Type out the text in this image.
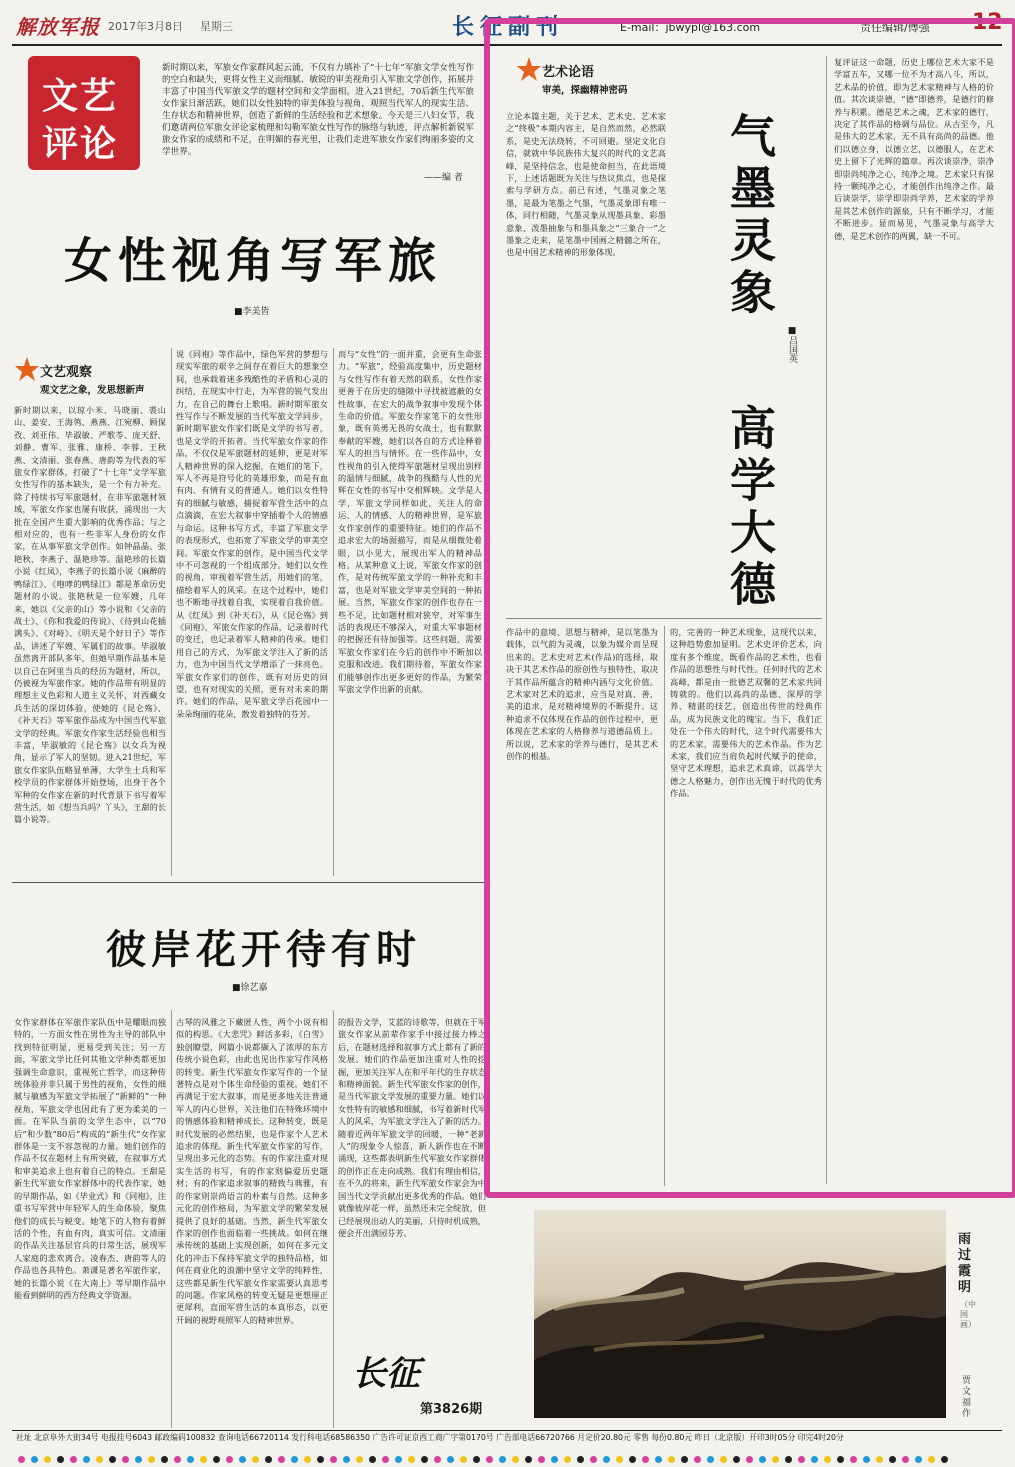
解放军报 2017年3月8日 星期三	长征副刊	E-mail：jbwypl@163.com	责任编辑/傅强 12
文艺
评论
新时期以来，军旅女作家群风起云涌，不仅有力填补了“十七年”军旅文学女性写作的空白和缺失，更将女性主义而细腻、敏锐的审美视角引入军旅文学创作，拓展并丰富了中国当代军旅文学的题材空间和文学面相。进入21世纪，70后新生代军旅女作家日渐活跃，她们以女性独特的审美体验与视角，观照当代军人的现实生活、生存状态和精神世界，创造了新鲜的生活经验和艺术想象。今天是三八妇女节，我们邀请两位军旅女评论家梳理和勾勒军旅女性写作的脉络与轨迹，评点解析新锐军旅女作家的成绩和不足，在明媚的春光里，让我们走进军旅女作家们绚丽多姿的文学世界。
——编 者
女性视角写军旅
■李美皆
文艺观察
观文艺之象，发思想新声
新时期以来，以琼小米、马晓丽、裘山山、姜安、王海鸰、燕燕、江宛柳、顾保孜、刘亚伟、毕淑敏、严歌苓、庞天舒、刘静、曹军、张雅、康桥、李蓉、王秋燕、文清丽、张春燕、唐韵等为代表的军旅女作家群体，打破了“十七年”文学军旅女性写作的基本缺失，是一个有力补充。除了持续书写军旅题材，在非军旅题材领域，军旅女作家也屡有收获，涌现出一大批在全国产生重大影响的优秀作品；与之相对应的，也有一些非军人身份的女作家，在从事军旅文学创作。如钟晶晶、张艳秋、李燕子、温艳珍等。温艳珍的长篇小说《红凤》，李燕子的长篇小说《麻醉的鸭绿江》、《咆哮的鸭绿江》都是革命历史题材的小说。张艳秋是一位军嫂，几年来，她以《父亲的山》等小说和《父亲的战士》、《你和我爱的传说》、《待到山花插满头》、《对峙》、《明天是个好日子》等作品，讲述了军嫂、军属们的故事。毕淑敏虽然离开部队多年，但她早期作品基本是以自己在阿里当兵的经历为题材，所以，仍被视为军旅作家。她的作品带有明显的理想主义色彩和人道主义关怀，对西藏女兵生活的深切体验，使她的《昆仑殇》、《补天石》等军旅作品成为中国当代军旅文学的经典。军旅女作家生活经验也相当丰富，毕淑敏的《昆仑殇》以女兵为视角，显示了军人的坚韧。进入21世纪，军旅女作家队伍略显单薄，大学生士兵和军校学员的作家群体开始登场，出身于各个军种的女作家在新的时代背景下书写着军营生活，如《想当兵吗？丫头》，王甜的长篇小说等。
说《同袍》等作品中，绿色军营的梦想与现实军旅的艰辛之间存在着巨大的想象空间，也承载着迷多残酷性的矛盾和心灵的纠结，在现实中行走，为军营的锐气发出力，在自己的舞台上歌唱。新时期军旅女性写作与不断发展的当代军旅文学同步，新时期军旅女作家们既是文学的书写者，也是文学的开拓者。当代军旅女作家的作品，不仅仅是军旅题材的延伸，更是对军人精神世界的深入挖掘，在她们的笔下，军人不再是符号化的英雄形象，而是有血有肉、有情有义的普通人。她们以女性特有的细腻与敏感，捕捉着军营生活中的点点滴滴，在宏大叙事中穿插着个人的情感与命运。这种书写方式，丰富了军旅文学的表现形式，也拓宽了军旅文学的审美空间。军旅女作家的创作，是中国当代文学中不可忽视的一个组成部分。她们以女性的视角，审视着军营生活，用她们的笔，描绘着军人的风采。在这个过程中，她们也不断地寻找着自我，实现着自我价值。从《红凤》到《补天石》，从《昆仑殇》到《同袍》，军旅女作家的作品，记录着时代的变迁，也记录着军人精神的传承。她们用自己的方式，为军旅文学注入了新的活力，也为中国当代文学增添了一抹亮色。军旅女作家们的创作，既有对历史的回望，也有对现实的关照，更有对未来的期许。她们的作品，是军旅文学百花园中一朵朵绚丽的花朵，散发着独特的芬芳。
而与“女性”的一面并重，会更有生命张力。“军旅”，经验高度集中，历史题材与女性写作有着天然的联系，女性作家更善于在历史的缝隙中寻找被遮蔽的女性故事，在宏大的战争叙事中发现个体生命的价值。军旅女作家笔下的女性形象，既有英勇无畏的女战士，也有默默奉献的军嫂，她们以各自的方式诠释着军人的担当与情怀。在一些作品中，女性视角的引入使得军旅题材呈现出别样的温情与细腻，战争的残酷与人性的光辉在女性的书写中交相辉映。文学是人学，军旅文学同样如此，关注人的命运、人的情感、人的精神世界，是军旅女作家创作的重要特征。她们的作品不追求宏大的场面描写，而是从细微处着眼，以小见大，展现出军人的精神品格。从某种意义上说，军旅女作家的创作，是对传统军旅文学的一种补充和丰富，也是对军旅文学审美空间的一种拓展。当然，军旅女作家的创作也存在一些不足，比如题材相对狭窄，对军事生活的表现还不够深入，对重大军事题材的把握还有待加强等。这些问题，需要军旅女作家们在今后的创作中不断加以克服和改进。我们期待着，军旅女作家们能够创作出更多更好的作品，为繁荣军旅文学作出新的贡献。
彼岸花开待有时
■徐艺嘉
女作家群体在军旅作家队伍中是耀眼而独特的，一方面女性在男性为主导的部队中找到特征明显，更易受到关注；另一方面，军旅文学比任何其他文学种类都更加强调生命意识，重视死亡哲学，而这种传统体验并非只属于男性的视角，女性的细腻与敏感为军旅文学拓展了“新鲜的”一种视角，军旅文学也因此有了更为柔美的一面。在军队当前的文学生态中，以“70后”和少数“80后”构成的“新生代”女作家群体是一支不容忽视的力量。她们创作的作品不仅在题材上有所突破，在叙事方式和审美追求上也有着自己的特点。王甜是新生代军旅女作家群体中的代表作家，她的早期作品，如《毕业式》和《同袍》，注重书写军营中年轻军人的生命体验，聚焦他们的成长与蜕变。她笔下的人物有着鲜活的个性，有血有肉，真实可信。文清丽的作品关注基层官兵的日常生活，展现军人家庭的悲欢离合。凌春杰、唐韵等人的作品也各具特色。萧潇是著名军旅作家，她的长篇小说《在大南上》等早期作品中能看到鲜明的西方经典文学资源。
古琴的风雅之下藏匿人性，两个小说有相似的构思。《大悲咒》鲜活多彩，《白雪》独创瞭望，网篇小说都撷入了浓厚的东方传统小说色彩，由此也见出作家写作风格的转变。新生代军旅女作家写作的一个显著特点是对个体生命经验的重视。她们不再满足于宏大叙事，而是更多地关注普通军人的内心世界，关注他们在特殊环境中的情感体验和精神成长。这种转变，既是时代发展的必然结果，也是作家个人艺术追求的体现。新生代军旅女作家的写作，呈现出多元化的态势。有的作家注重对现实生活的书写，有的作家则偏爱历史题材；有的作家追求叙事的精致与典雅，有的作家则崇尚语言的朴素与自然。这种多元化的创作格局，为军旅文学的繁荣发展提供了良好的基础。当然，新生代军旅女作家的创作也面临着一些挑战。如何在继承传统的基础上实现创新，如何在多元文化的冲击下保持军旅文学的独特品格，如何在商业化的浪潮中坚守文学的纯粹性，这些都是新生代军旅女作家需要认真思考的问题。作家风格的转变无疑是更想厘正更犀利，直面军营生活的本真形态，以更开阔的视野观照军人的精神世界。
的报告文学，艾蓝的诗歌等，但就在于军旅女作家从前辈作家手中接过接力棒之后，在题材选择和叙事方式上都有了新的发展。她们的作品更加注重对人性的挖掘，更加关注军人在和平年代的生存状态和精神面貌。新生代军旅女作家的创作，是当代军旅文学发展的重要力量。她们以女性特有的敏感和细腻，书写着新时代军人的风采，为军旅文学注入了新的活力。随着近两年军旅文学的回暖，一种“老新人”的现象令人惊喜，新人新作也在不断涌现，这些都表明新生代军旅女作家群体的创作正在走向成熟。我们有理由相信，在不久的将来，新生代军旅女作家会为中国当代文学贡献出更多优秀的作品。她们就像彼岸花一样，虽然还未完全绽放，但已经展现出动人的美丽，只待时机成熟，便会开出满园芬芳。	雨过霞明
（中国画）
贾文福 作
长征
第3826期
艺术论语
审美，探幽精神密码
立论本篇主题，关于艺术、艺术史、艺术家之“终极”本期内容主，是自然而然，必然联系，是史无法绕转，不可回避。坚定文化自信，就就中华民族伟大复兴的时代的文艺高峰，是坚持信念，也是使命担当，在此语境下，上述话题既为关注与热议焦点，也是探索与学研方点。前已有述，气墨灵象之笔墨，是最为笔墨之气墨，气墨灵象即有唯一体，同行相随，气墨灵象从现墨具象、彩墨意象、泼墨抽象与和墨具象之“三象合一”之墨象之走来，是笔墨中国画之精髓之所在，也是中国艺术精神的形象体现。	气墨灵象
高学大德
■吕国英
复评证这一命题，历史上哪位艺术大家不是学富五车，又哪一位不为才高八斗，所以，艺术品的价值，即为艺术家精神与人格的价值。其次谈崇德，“德”即德养，是德行的修养与积累。德是艺术之魂，艺术家的德行，决定了其作品的格调与品位。从古至今，凡是伟大的艺术家，无不具有高尚的品德。他们以德立身，以德立艺，以德服人，在艺术史上留下了光辉的篇章。再次谈崇净，崇净即崇尚纯净之心，纯净之境。艺术家只有保持一颗纯净之心，才能创作出纯净之作。最后谈崇学，崇学即崇尚学养，艺术家的学养是其艺术创作的源泉，只有不断学习，才能不断进步。显而易见，气墨灵象与高学大德，是艺术创作的两翼，缺一不可。
作品中的意境、思想与精神，是以笔墨为载体，以气韵为灵魂，以象为媒介而呈现出来的。艺术史对艺术(作品)的选择，取决于其艺术作品的原创性与独特性，取决于其作品所蕴含的精神内涵与文化价值。艺术家对艺术的追求，应当是对真、善、美的追求，是对精神境界的不断提升。这种追求不仅体现在作品的创作过程中，更体现在艺术家的人格修养与道德品质上。所以说，艺术家的学养与德行，是其艺术创作的根基。
的，完善的一种艺术现象，这现代以来，这种趋势愈加显明。艺术史评价艺术，向度有多个维度，既看作品的艺术性，也看作品的思想性与时代性。任何时代的艺术高峰，都是由一批德艺双馨的艺术家共同铸就的。他们以高尚的品德、深厚的学养、精湛的技艺，创造出传世的经典作品，成为民族文化的瑰宝。当下，我们正处在一个伟大的时代，这个时代需要伟大的艺术家，需要伟大的艺术作品。作为艺术家，我们应当肩负起时代赋予的使命，坚守艺术理想，追求艺术真谛，以高学大德之人格魅力，创作出无愧于时代的优秀作品。
社址 北京阜外大街34号 电报挂号6043 邮政编码100832 查询电话66720114 发行科电话68586350 广告许可证京西工商广字第0170号 广告部电话66720766 月定价20.80元 零售 每份0.80元 昨日（北京版）开印3时05分 印完4时20分
